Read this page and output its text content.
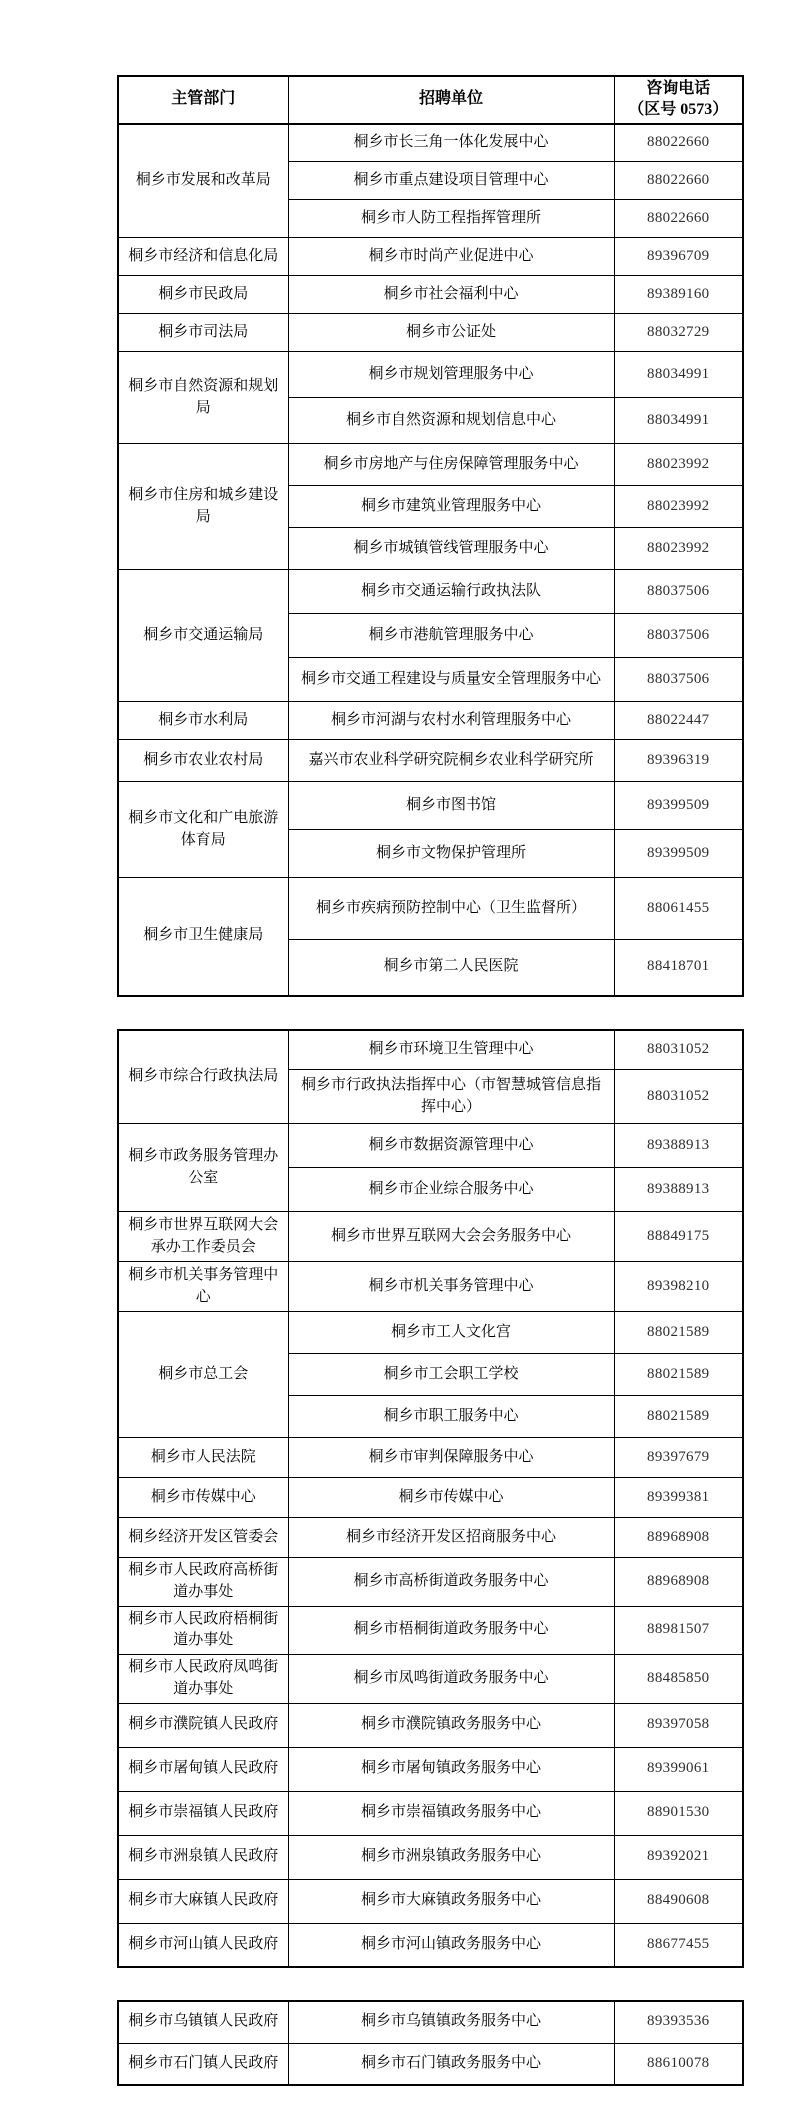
主管部门	招聘单位	咨询电话
（区号 0573）

桐乡市发展和改革局	桐乡市长三角一体化发展中心	88022660
	桐乡市重点建设项目管理中心	88022660
	桐乡市人防工程指挥管理所	88022660
桐乡市经济和信息化局	桐乡市时尚产业促进中心	89396709
桐乡市民政局	桐乡市社会福利中心	89389160
桐乡市司法局	桐乡市公证处	88032729
桐乡市自然资源和规划局	桐乡市规划管理服务中心	88034991
	桐乡市自然资源和规划信息中心	88034991
桐乡市住房和城乡建设局	桐乡市房地产与住房保障管理服务中心	88023992
	桐乡市建筑业管理服务中心	88023992
	桐乡市城镇管线管理服务中心	88023992
桐乡市交通运输局	桐乡市交通运输行政执法队	88037506
	桐乡市港航管理服务中心	88037506
	桐乡市交通工程建设与质量安全管理服务中心	88037506
桐乡市水利局	桐乡市河湖与农村水利管理服务中心	88022447
桐乡市农业农村局	嘉兴市农业科学研究院桐乡农业科学研究所	89396319
桐乡市文化和广电旅游体育局	桐乡市图书馆	89399509
	桐乡市文物保护管理所	89399509
桐乡市卫生健康局	桐乡市疾病预防控制中心（卫生监督所）	88061455
	桐乡市第二人民医院	88418701
桐乡市综合行政执法局	桐乡市环境卫生管理中心	88031052
	桐乡市行政执法指挥中心（市智慧城管信息指挥中心）	88031052
桐乡市政务服务管理办公室	桐乡市数据资源管理中心	89388913
	桐乡市企业综合服务中心	89388913
桐乡市世界互联网大会承办工作委员会	桐乡市世界互联网大会会务服务中心	88849175
桐乡市机关事务管理中心	桐乡市机关事务管理中心	89398210
桐乡市总工会	桐乡市工人文化宫	88021589
	桐乡市工会职工学校	88021589
	桐乡市职工服务中心	88021589
桐乡市人民法院	桐乡市审判保障服务中心	89397679
桐乡市传媒中心	桐乡市传媒中心	89399381
桐乡经济开发区管委会	桐乡市经济开发区招商服务中心	88968908
桐乡市人民政府高桥街道办事处	桐乡市高桥街道政务服务中心	88968908
桐乡市人民政府梧桐街道办事处	桐乡市梧桐街道政务服务中心	88981507
桐乡市人民政府凤鸣街道办事处	桐乡市凤鸣街道政务服务中心	88485850
桐乡市濮院镇人民政府	桐乡市濮院镇政务服务中心	89397058
桐乡市屠甸镇人民政府	桐乡市屠甸镇政务服务中心	89399061
桐乡市崇福镇人民政府	桐乡市崇福镇政务服务中心	88901530
桐乡市洲泉镇人民政府	桐乡市洲泉镇政务服务中心	89392021
桐乡市大麻镇人民政府	桐乡市大麻镇政务服务中心	88490608
桐乡市河山镇人民政府	桐乡市河山镇政务服务中心	88677455
桐乡市乌镇镇人民政府	桐乡市乌镇镇政务服务中心	89393536
桐乡市石门镇人民政府	桐乡市石门镇政务服务中心	88610078
